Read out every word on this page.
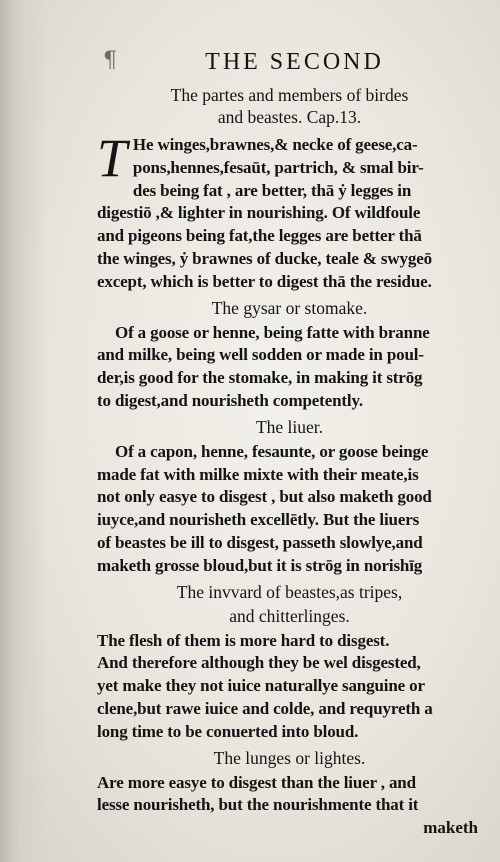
¶	THE SECOND
The partes and members of birdes
and beastes. Cap.13.
T He winges,brawnes,& necke of geese,ca-
pons,hennes,fesaūt, partrich, & smal bir-
des being fat , are better, thā ẏ legges in
digestiō ,& lighter in nourishing. Of wildfoule
and pigeons being fat,the legges are better thā
the winges, ẏ brawnes of ducke, teale & swygeō
except, which is better to digest thā the residue.
The gysar or stomake.
Of a goose or henne, being fatte with branne
and milke, being well sodden or made in poul-
der,is good for the stomake, in making it strōg
to digest,and nourisheth competently.
The liuer.
Of a capon, henne, fesaunte, or goose beinge
made fat with milke mixte with their meate,is
not only easye to disgest , but also maketh good
iuyce,and nourisheth excellētly. But the liuers
of beastes be ill to disgest, passeth slowlye,and
maketh grosse bloud,but it is strōg in norishīg
The invvard of beastes,as tripes,
and chitterlinges.
The flesh of them is more hard to disgest.
And therefore although they be wel disgested,
yet make they not iuice naturallye sanguine or
clene,but rawe iuice and colde, and requyreth a
long time to be conuerted into bloud.
The lunges or lightes.
Are more easye to disgest than the liuer , and
lesse nourisheth, but the nourishmente that it
maketh
